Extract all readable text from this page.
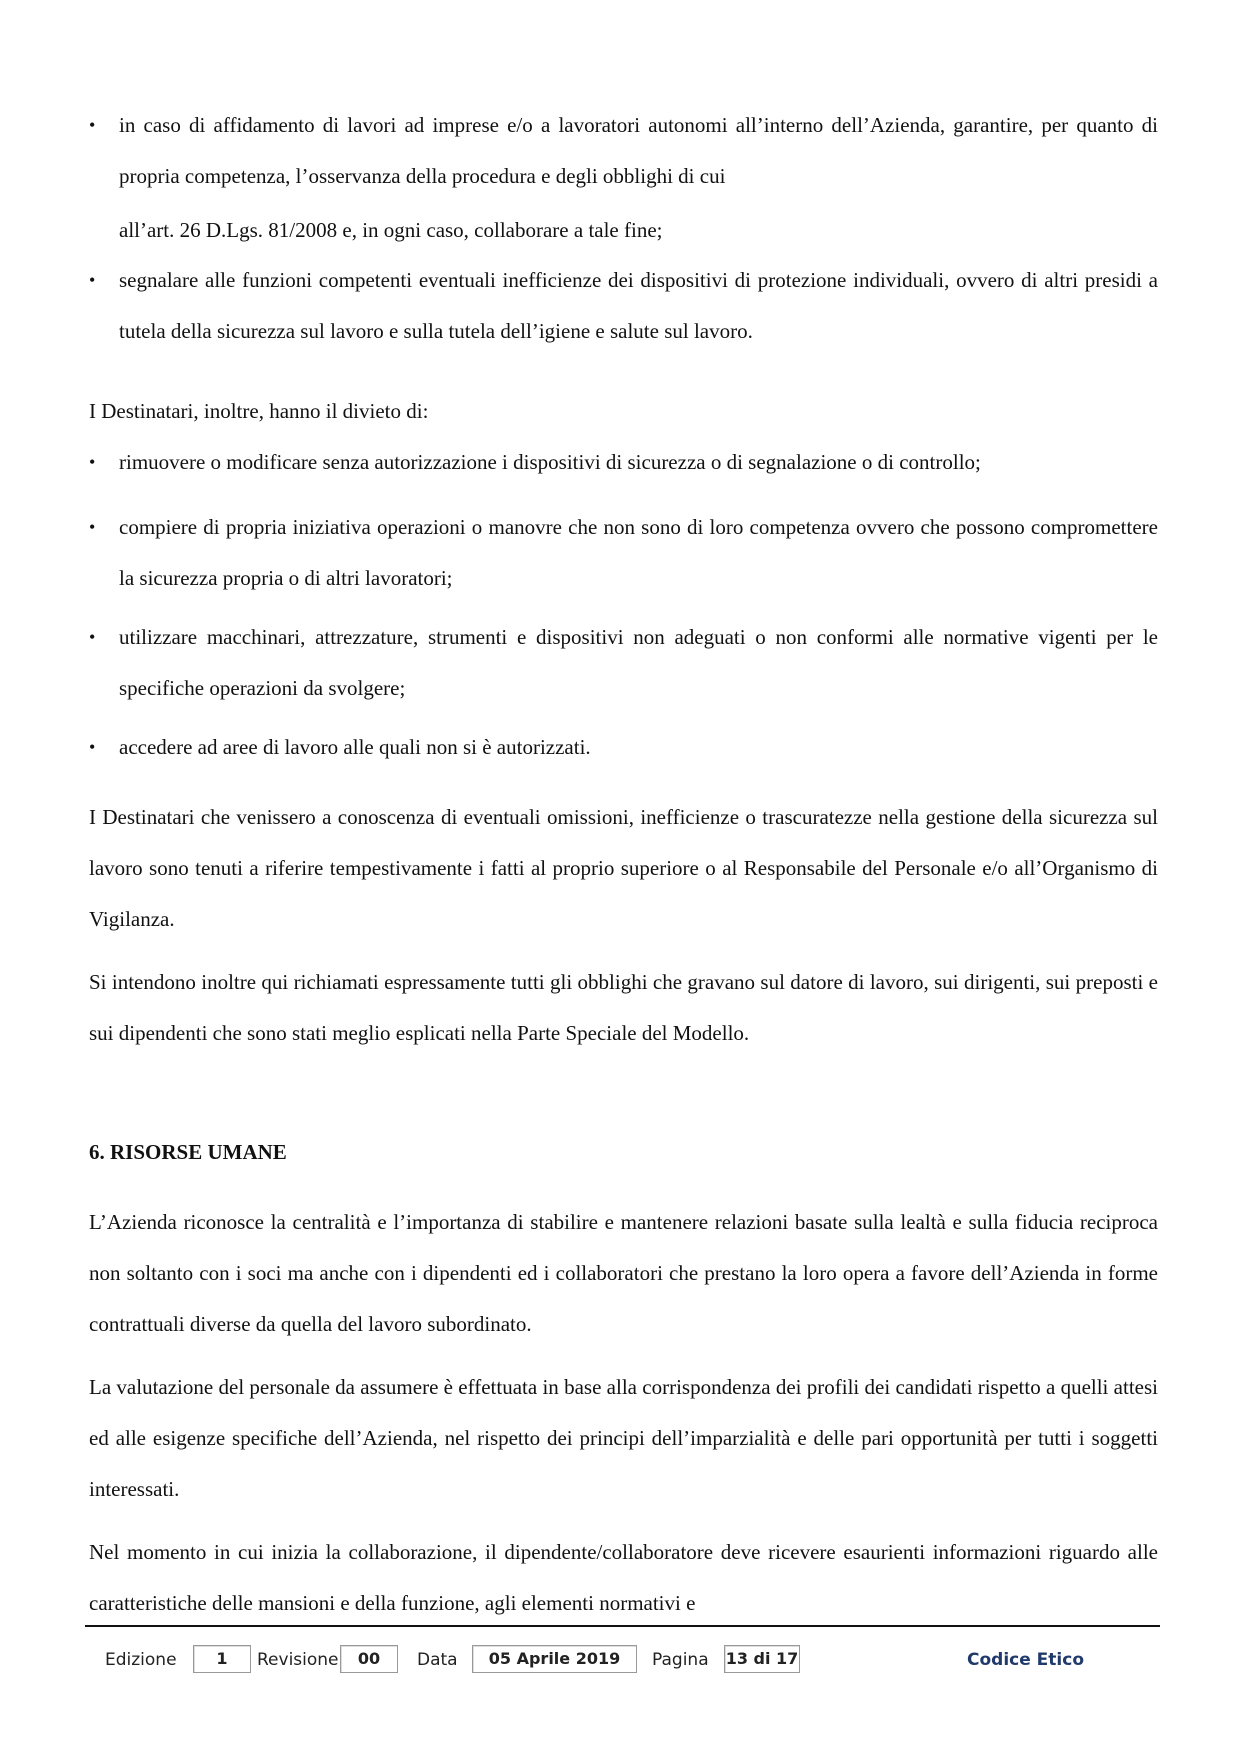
•	in caso di affidamento di lavori ad imprese e/o a lavoratori autonomi all’interno dell’Azienda, garantire, per quanto di propria competenza, l’osservanza della procedura e degli obblighi di cui
all’art. 26 D.Lgs. 81/2008 e, in ogni caso, collaborare a tale fine;
•	segnalare alle funzioni competenti eventuali inefficienze dei dispositivi di protezione individuali, ovvero di altri presidi a tutela della sicurezza sul lavoro e sulla tutela dell’igiene e salute sul lavoro.

I Destinatari, inoltre, hanno il divieto di:

•	rimuovere o modificare senza autorizzazione i dispositivi di sicurezza o di segnalazione o di controllo;
•	compiere di propria iniziativa operazioni o manovre che non sono di loro competenza ovvero che possono compromettere la sicurezza propria o di altri lavoratori;
•	utilizzare macchinari, attrezzature, strumenti e dispositivi non adeguati o non conformi alle normative vigenti per le specifiche operazioni da svolgere;
•	accedere ad aree di lavoro alle quali non si è autorizzati.

I Destinatari che venissero a conoscenza di eventuali omissioni, inefficienze o trascuratezze nella gestione della sicurezza sul lavoro sono tenuti a riferire tempestivamente i fatti al proprio superiore o al Responsabile del Personale e/o all’Organismo di Vigilanza.

Si intendono inoltre qui richiamati espressamente tutti gli obblighi che gravano sul datore di lavoro, sui dirigenti, sui preposti e sui dipendenti che sono stati meglio esplicati nella Parte Speciale del Modello.

6. RISORSE UMANE

L’Azienda riconosce la centralità e l’importanza di stabilire e mantenere relazioni basate sulla lealtà e sulla fiducia reciproca non soltanto con i soci ma anche con i dipendenti ed i collaboratori che prestano la loro opera a favore dell’Azienda in forme contrattuali diverse da quella del lavoro subordinato.

La valutazione del personale da assumere è effettuata in base alla corrispondenza dei profili dei candidati rispetto a quelli attesi ed alle esigenze specifiche dell’Azienda, nel rispetto dei principi dell’imparzialità e delle pari opportunità per tutti i soggetti interessati.

Nel momento in cui inizia la collaborazione, il dipendente/collaboratore deve ricevere esaurienti informazioni riguardo alle caratteristiche delle mansioni e della funzione, agli elementi normativi e

Edizione	1	Revisione	00	Data	05 Aprile 2019	Pagina 13 di 17	Codice Etico
